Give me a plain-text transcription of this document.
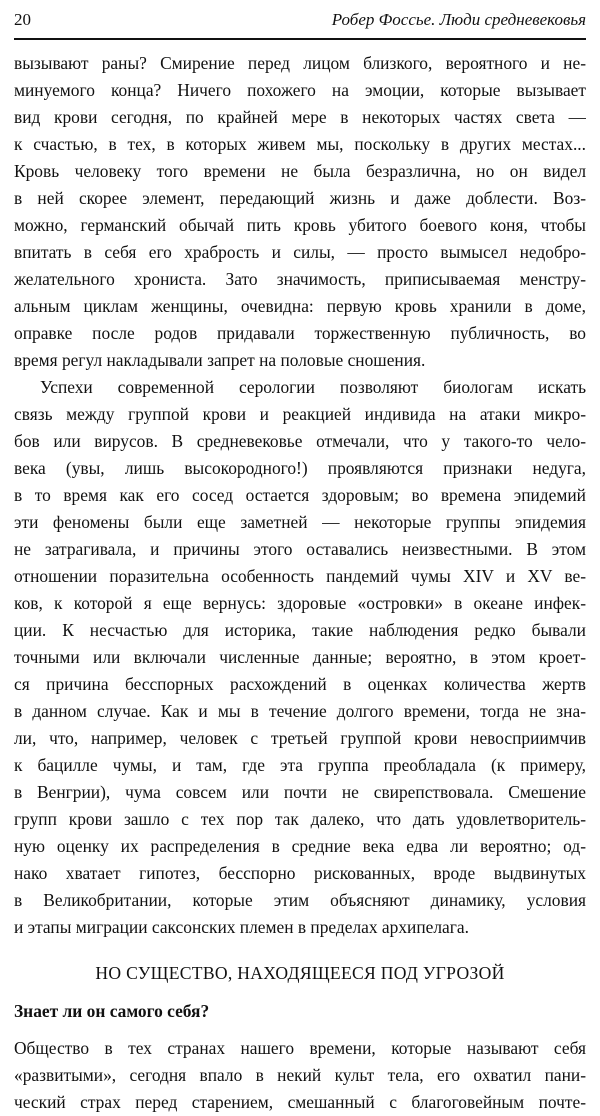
20	Робер Фоссье. Люди средневековья
вызывают раны? Смирение перед лицом близкого, вероятного и не-
минуемого конца? Ничего похожего на эмоции, которые вызывает
вид крови сегодня, по крайней мере в некоторых частях света —
к счастью, в тех, в которых живем мы, поскольку в других местах...
Кровь человеку того времени не была безразлична, но он видел
в ней скорее элемент, передающий жизнь и даже доблести. Воз-
можно, германский обычай пить кровь убитого боевого коня, чтобы
впитать в себя его храбрость и силы, — просто вымысел недобро-
желательного хрониста. Зато значимость, приписываемая менстру-
альным циклам женщины, очевидна: первую кровь хранили в доме,
оправке после родов придавали торжественную публичность, во
время регул накладывали запрет на половые сношения.
Успехи современной серологии позволяют биологам искать
связь между группой крови и реакцией индивида на атаки микро-
бов или вирусов. В средневековье отмечали, что у такого-то чело-
века (увы, лишь высокородного!) проявляются признаки недуга,
в то время как его сосед остается здоровым; во времена эпидемий
эти феномены были еще заметней — некоторые группы эпидемия
не затрагивала, и причины этого оставались неизвестными. В этом
отношении поразительна особенность пандемий чумы XIV и XV ве-
ков, к которой я еще вернусь: здоровые «островки» в океане инфек-
ции. К несчастью для историка, такие наблюдения редко бывали
точными или включали численные данные; вероятно, в этом кроет-
ся причина бесспорных расхождений в оценках количества жертв
в данном случае. Как и мы в течение долгого времени, тогда не зна-
ли, что, например, человек с третьей группой крови невосприимчив
к бацилле чумы, и там, где эта группа преобладала (к примеру,
в Венгрии), чума совсем или почти не свирепствовала. Смешение
групп крови зашло с тех пор так далеко, что дать удовлетворитель-
ную оценку их распределения в средние века едва ли вероятно; од-
нако хватает гипотез, бесспорно рискованных, вроде выдвинутых
в Великобритании, которые этим объясняют динамику, условия
и этапы миграции саксонских племен в пределах архипелага.
НО СУЩЕСТВО, НАХОДЯЩЕЕСЯ ПОД УГРОЗОЙ
Знает ли он самого себя?
Общество в тех странах нашего времени, которые называют себя
«развитыми», сегодня впало в некий культ тела, его охватил пани-
ческий страх перед старением, смешанный с благоговейным почте-
